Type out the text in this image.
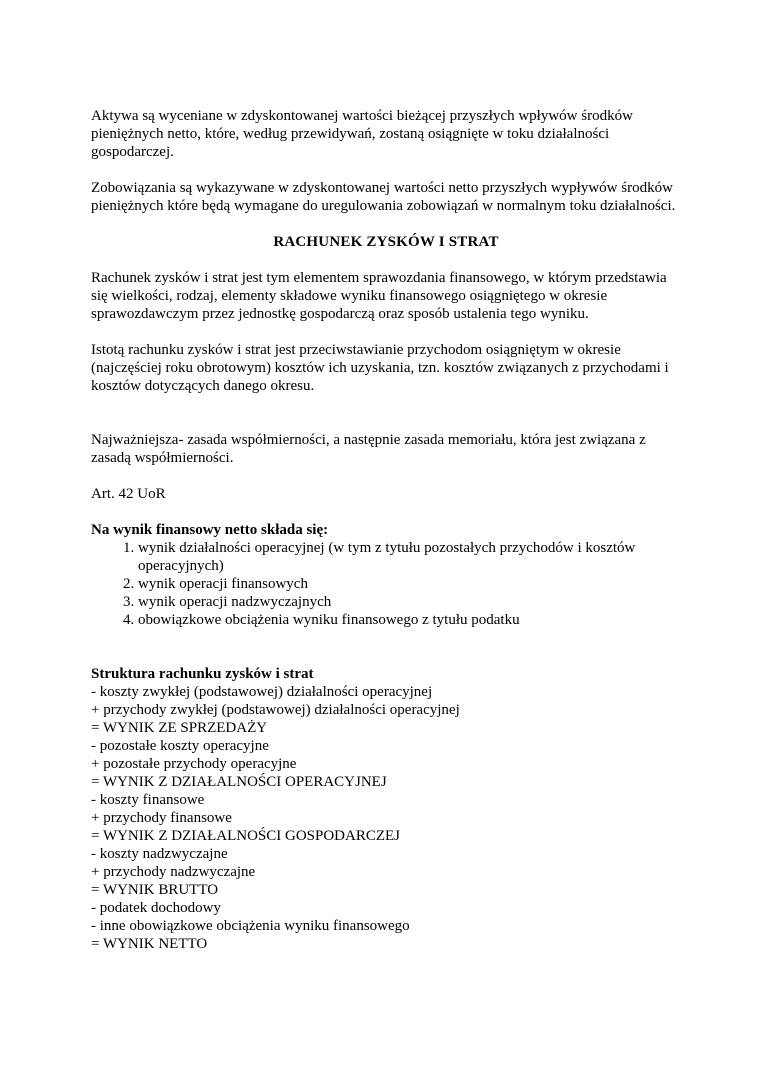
Aktywa są wyceniane w zdyskontowanej wartości bieżącej przyszłych wpływów środków pieniężnych netto, które, według przewidywań, zostaną osiągnięte w toku działalności gospodarczej.

Zobowiązania są wykazywane w zdyskontowanej wartości netto przyszłych wypływów środków pieniężnych które będą wymagane do uregulowania zobowiązań w normalnym toku działalności.

RACHUNEK ZYSKÓW I STRAT

Rachunek zysków i strat jest tym elementem sprawozdania finansowego, w którym przedstawia się wielkości, rodzaj, elementy składowe wyniku finansowego osiągniętego w okresie sprawozdawczym przez jednostkę gospodarczą oraz sposób ustalenia tego wyniku.

Istotą rachunku zysków i strat jest przeciwstawianie przychodom osiągniętym w okresie (najczęściej roku obrotowym) kosztów ich uzyskania, tzn. kosztów związanych z przychodami i kosztów dotyczących danego okresu.

Najważniejsza- zasada współmierności, a następnie zasada memoriału, która jest związana z zasadą współmierności.

Art. 42 UoR

Na wynik finansowy netto składa się:

1. wynik działalności operacyjnej (w tym z tytułu pozostałych przychodów i kosztów operacyjnych)
2. wynik operacji finansowych
3. wynik operacji nadzwyczajnych
4. obowiązkowe obciążenia wyniku finansowego z tytułu podatku

Struktura rachunku zysków i strat

- koszty zwykłej (podstawowej) działalności operacyjnej
+ przychody zwykłej (podstawowej) działalności operacyjnej
= WYNIK ZE SPRZEDAŻY
- pozostałe koszty operacyjne
+ pozostałe przychody operacyjne
= WYNIK Z DZIAŁALNOŚCI OPERACYJNEJ
- koszty finansowe
+ przychody finansowe
= WYNIK Z DZIAŁALNOŚCI GOSPODARCZEJ
- koszty nadzwyczajne
+ przychody nadzwyczajne
= WYNIK BRUTTO
- podatek dochodowy
- inne obowiązkowe obciążenia wyniku finansowego
= WYNIK NETTO
